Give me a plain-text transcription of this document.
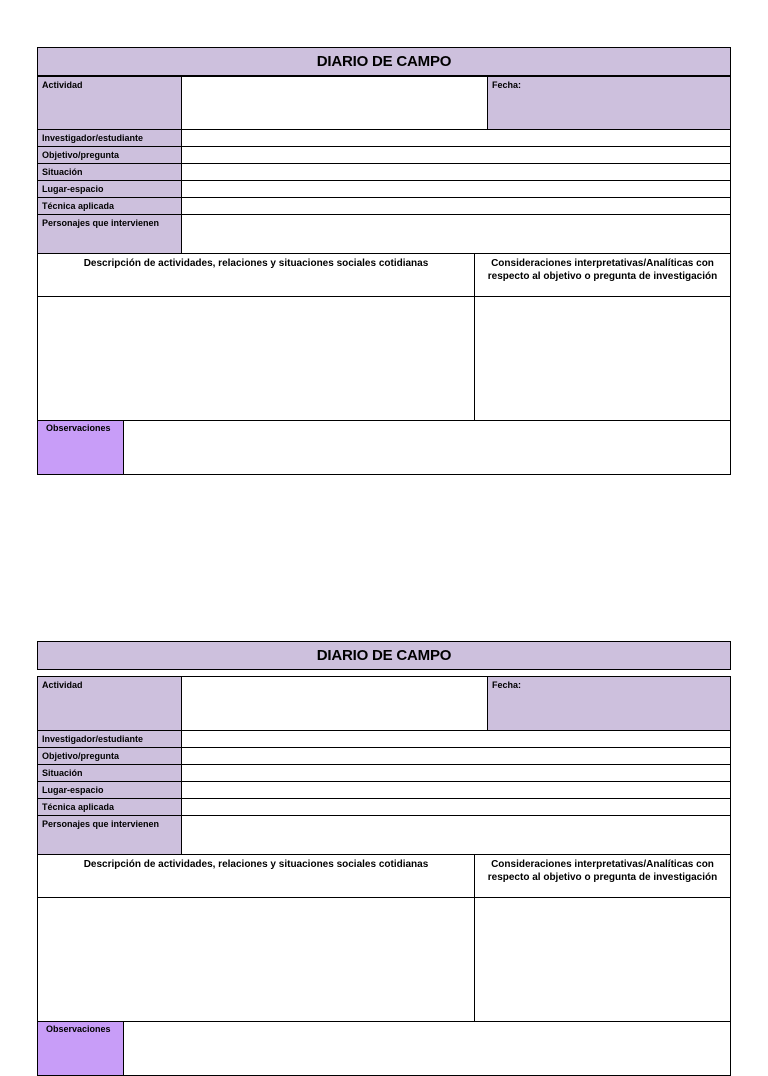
DIARIO DE CAMPO
Actividad	Fecha:
Investigador/estudiante
Objetivo/pregunta
Situación
Lugar-espacio
Técnica aplicada
Personajes que intervienen
Descripción de actividades, relaciones y situaciones sociales cotidianas	Consideraciones interpretativas/Analíticas con respecto al objetivo o pregunta de investigación
Observaciones
DIARIO DE CAMPO
Actividad	Fecha:
Investigador/estudiante
Objetivo/pregunta
Situación
Lugar-espacio
Técnica aplicada
Personajes que intervienen
Descripción de actividades, relaciones y situaciones sociales cotidianas	Consideraciones interpretativas/Analíticas con respecto al objetivo o pregunta de investigación
Observaciones
